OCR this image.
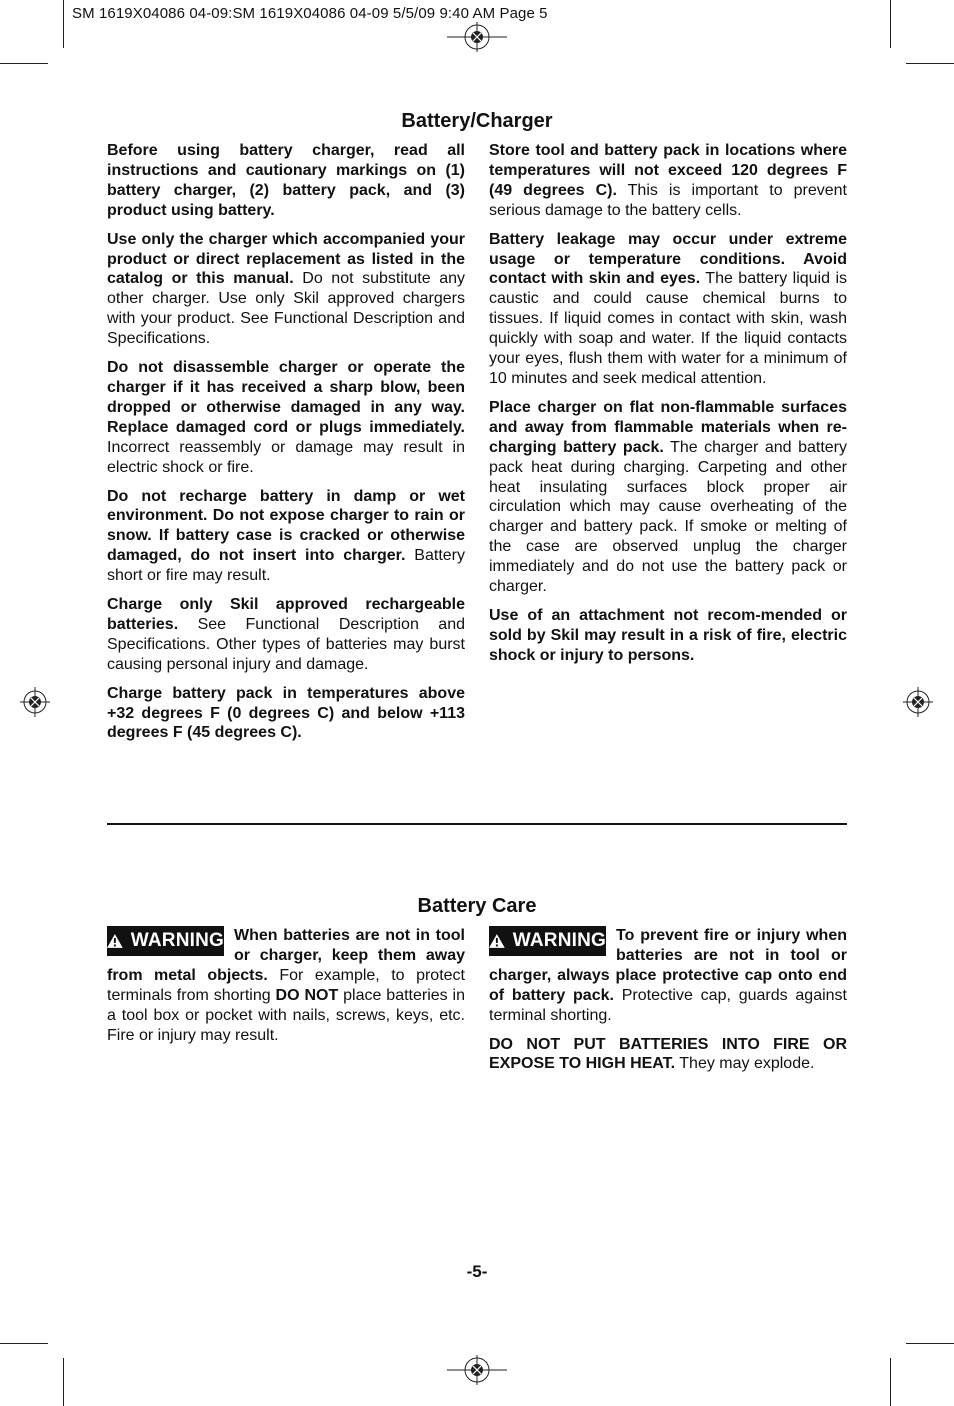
SM 1619X04086 04-09:SM 1619X04086 04-09 5/5/09 9:40 AM Page 5
Battery/Charger

Before using battery charger, read all instructions and cautionary markings on (1) battery charger, (2) battery pack, and (3) product using battery.

Use only the charger which accompanied your product or direct replacement as listed in the catalog or this manual. Do not substitute any other charger. Use only Skil approved chargers with your product. See Functional Description and Specifications.

Do not disassemble charger or operate the charger if it has received a sharp blow, been dropped or otherwise damaged in any way. Replace damaged cord or plugs immediately. Incorrect reassembly or damage may result in electric shock or fire.

Do not recharge battery in damp or wet environment. Do not expose charger to rain or snow. If battery case is cracked or otherwise damaged, do not insert into charger. Battery short or fire may result.

Charge only Skil approved rechargeable batteries. See Functional Description and Specifications. Other types of batteries may burst causing personal injury and damage.

Charge battery pack in temperatures above +32 degrees F (0 degrees C) and below +113 degrees F (45 degrees C).

Store tool and battery pack in locations where temperatures will not exceed 120 degrees F (49 degrees C). This is important to prevent serious damage to the battery cells.

Battery leakage may occur under extreme usage or temperature conditions. Avoid contact with skin and eyes. The battery liquid is caustic and could cause chemical burns to tissues. If liquid comes in contact with skin, wash quickly with soap and water. If the liquid contacts your eyes, flush them with water for a minimum of 10 minutes and seek medical attention.

Place charger on flat non-flammable surfaces and away from flammable materials when re-charging battery pack. The charger and battery pack heat during charging. Carpeting and other heat insulating surfaces block proper air circulation which may cause overheating of the charger and battery pack. If smoke or melting of the case are observed unplug the charger immediately and do not use the battery pack or charger.

Use of an attachment not recom-mended or sold by Skil may result in a risk of fire, electric shock or injury to persons.

Battery Care

WARNING When batteries are not in tool or charger, keep them away from metal objects. For example, to protect terminals from shorting DO NOT place batteries in a tool box or pocket with nails, screws, keys, etc. Fire or injury may result.

WARNING To prevent fire or injury when batteries are not in tool or charger, always place protective cap onto end of battery pack. Protective cap, guards against terminal shorting.

DO NOT PUT BATTERIES INTO FIRE OR EXPOSE TO HIGH HEAT. They may explode.

-5-
